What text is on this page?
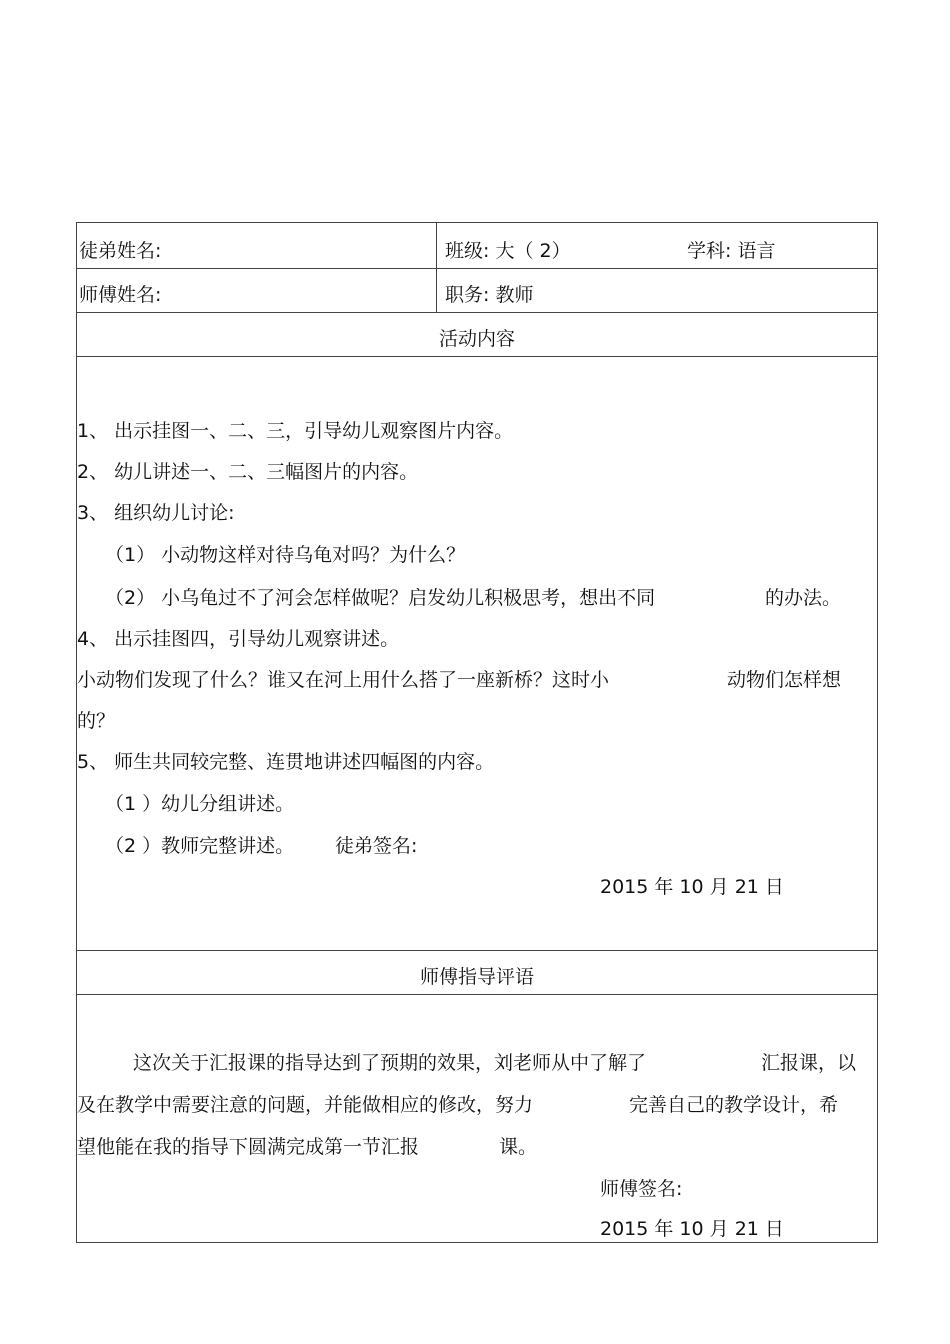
徒弟姓名:	班级: 大（ 2）	学科: 语言
师傅姓名:	职务: 教师
活动内容
1、 出示挂图一、二、三，引导幼儿观察图片内容。
2、 幼儿讲述一、二、三幅图片的内容。
3、 组织幼儿讨论:
（1） 小动物这样对待乌龟对吗？为什么？
（2） 小乌龟过不了河会怎样做呢？启发幼儿积极思考，想出不同	的办法。
4、 出示挂图四，引导幼儿观察讲述。
小动物们发现了什么？谁又在河上用什么搭了一座新桥？这时小	动物们怎样想
的？
5、 师生共同较完整、连贯地讲述四幅图的内容。
（1 ）幼儿分组讲述。
（2 ）教师完整讲述。 徒弟签名:
2015 年 10 月 21 日
师傅指导评语
这次关于汇报课的指导达到了预期的效果，刘老师从中了解了	汇报课，以
及在教学中需要注意的问题，并能做相应的修改，努力	完善自己的教学设计，希
望他能在我的指导下圆满完成第一节汇报	课。
师傅签名:
2015 年 10 月 21 日
